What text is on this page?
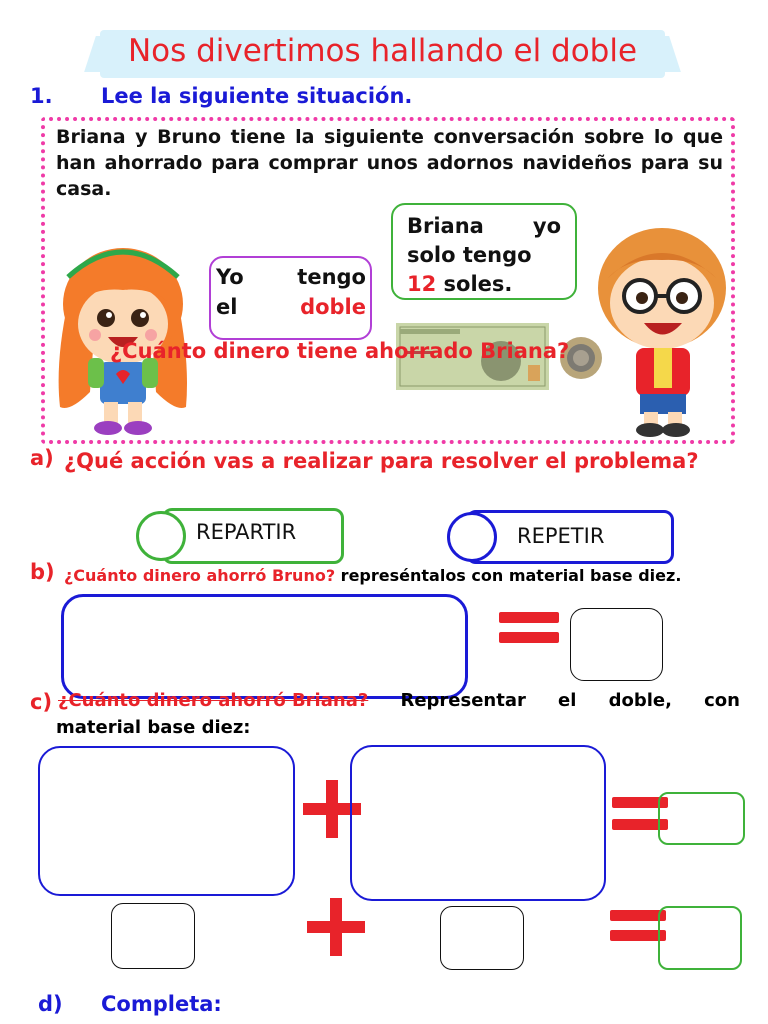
Nos divertimos hallando el doble
1. Lee la siguiente situación.
Briana y Bruno tiene la siguiente conversación sobre lo que han ahorrado para comprar unos adornos navideños para su casa.
Yo	tengo
el	doble
Briana yo
solo tengo
12 soles.
¿Cuánto dinero tiene ahorrado Briana?
a) ¿Qué acción vas a realizar para resolver el problema?
REPARTIR	REPETIR
b) ¿Cuánto dinero ahorró Bruno? represéntalos con material base diez.
c) ¿Cuánto dinero ahorró Briana? Representar el doble, con
material base diez:
d) Completa:
